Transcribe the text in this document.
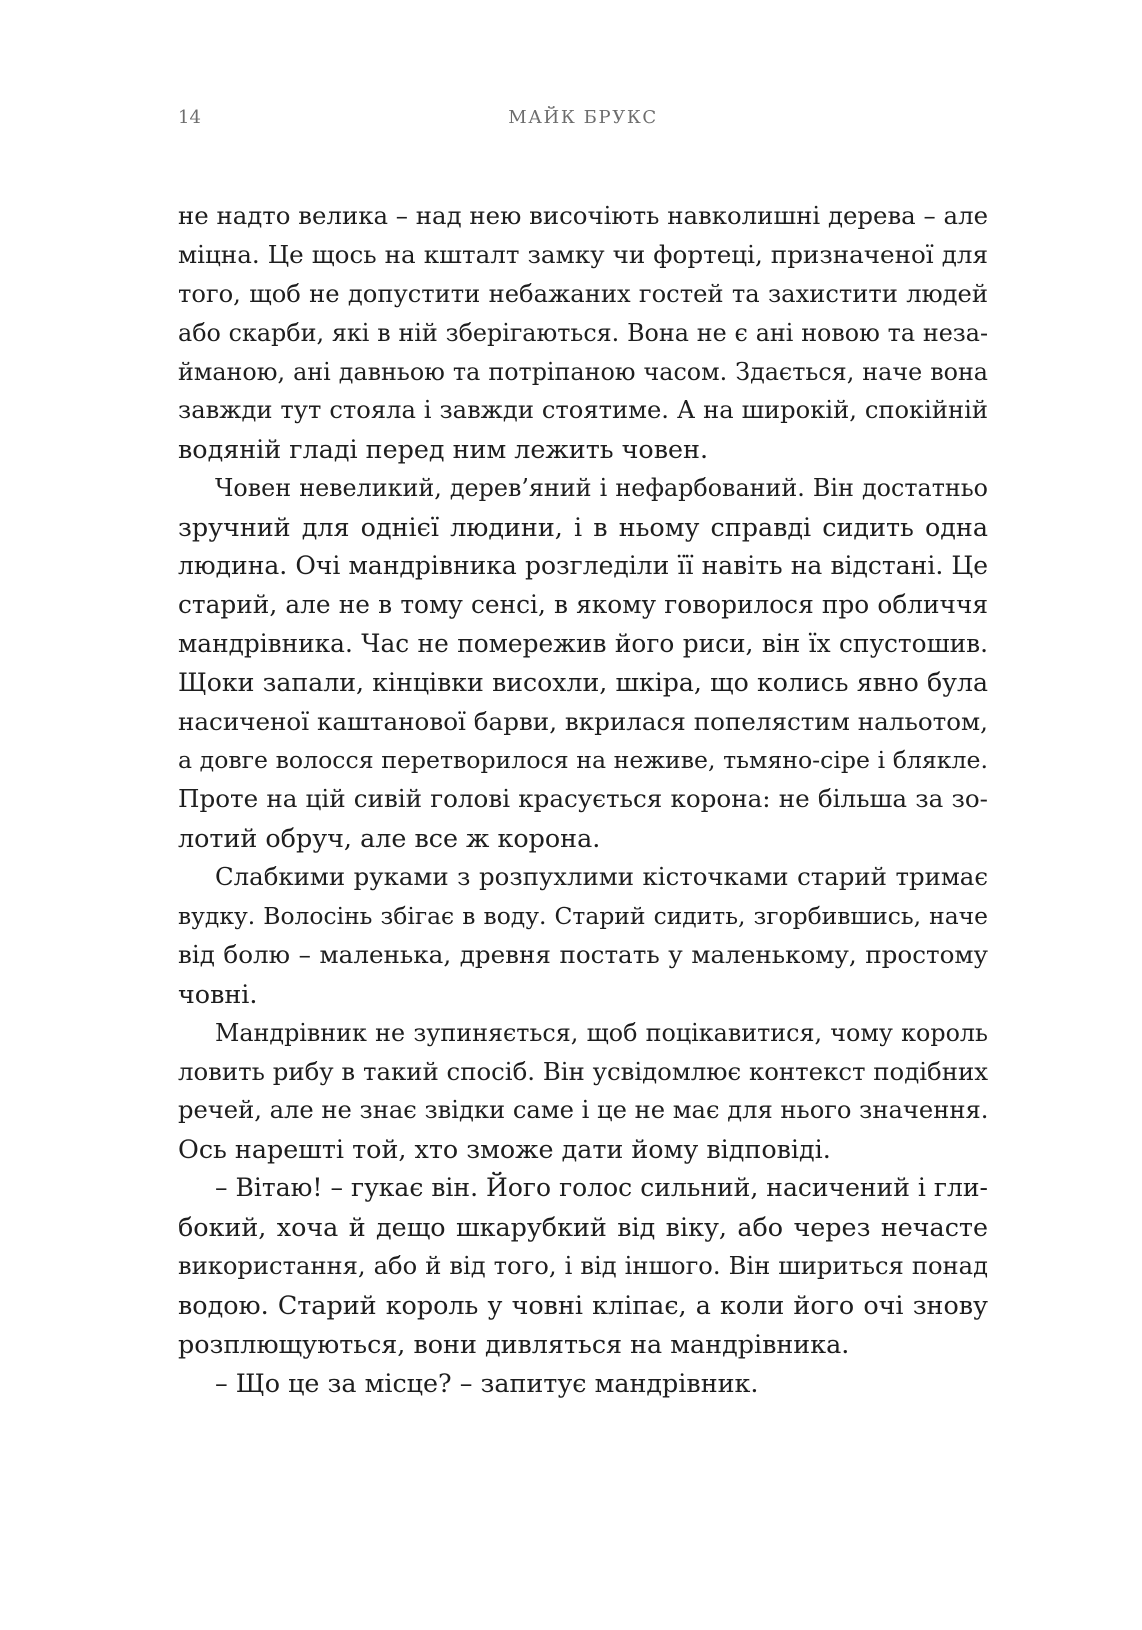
14	МАЙК БРУКС
не надто велика – над нею височіють навколишні дерева – але
міцна. Це щось на кшталт замку чи фортеці, призначеної для
того, щоб не допустити небажаних гостей та захистити людей
або скарби, які в ній зберігаються. Вона не є ані новою та неза-
йманою, ані давньою та потріпаною часом. Здається, наче вона
завжди тут стояла і завжди стоятиме. А на широкій, спокійній
водяній гладі перед ним лежить човен.
Човен невеликий, дерев’яний і нефарбований. Він достатньо
зручний для однієї людини, і в ньому справді сидить одна
людина. Очі мандрівника розгледіли її навіть на відстані. Це
старий, але не в тому сенсі, в якому говорилося про обличчя
мандрівника. Час не помережив його риси, він їх спустошив.
Щоки запали, кінцівки висохли, шкіра, що колись явно була
насиченої каштанової барви, вкрилася попелястим нальотом,
а довге волосся перетворилося на неживе, тьмяно-сіре і блякле.
Проте на цій сивій голові красується корона: не більша за зо-
лотий обруч, але все ж корона.
Слабкими руками з розпухлими кісточками старий тримає
вудку. Волосінь збігає в воду. Старий сидить, згорбившись, наче
від болю – маленька, древня постать у маленькому, простому
човні.
Мандрівник не зупиняється, щоб поцікавитися, чому король
ловить рибу в такий спосіб. Він усвідомлює контекст подібних
речей, але не знає звідки саме і це не має для нього значення.
Ось нарешті той, хто зможе дати йому відповіді.
– Вітаю! – гукає він. Його голос сильний, насичений і гли-
бокий, хоча й дещо шкарубкий від віку, або через нечасте
використання, або й від того, і від іншого. Він шириться понад
водою. Старий король у човні кліпає, а коли його очі знову
розплющуються, вони дивляться на мандрівника.
– Що це за місце? – запитує мандрівник.
